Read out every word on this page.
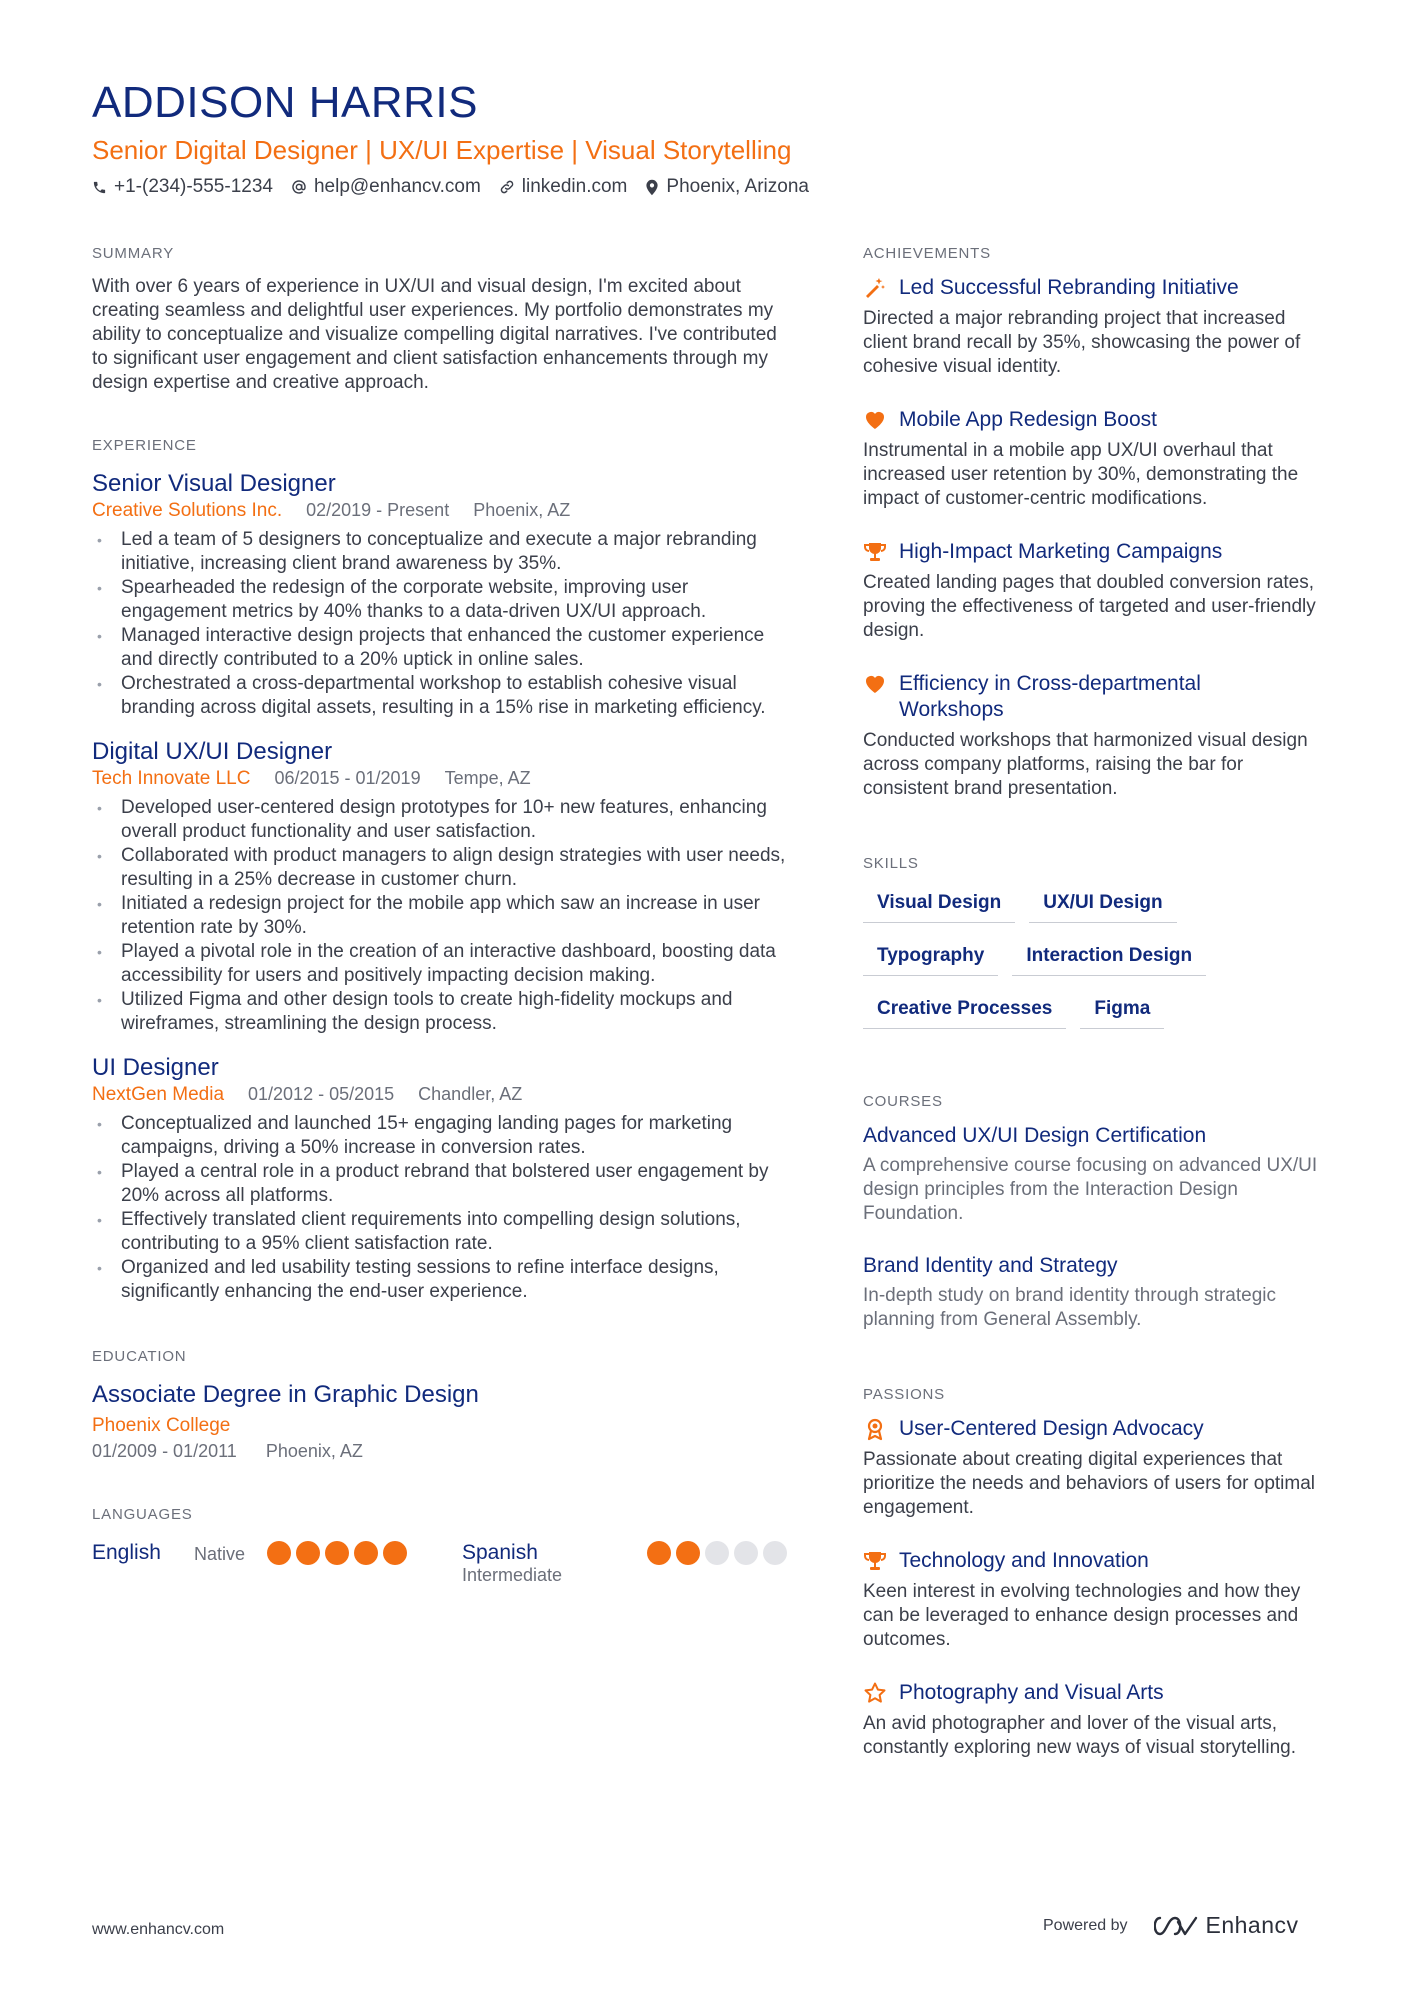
ADDISON HARRIS
Senior Digital Designer | UX/UI Expertise | Visual Storytelling
+1-(234)-555-1234 help@enhancv.com linkedin.com Phoenix, Arizona
SUMMARY
With over 6 years of experience in UX/UI and visual design, I'm excited about creating seamless and delightful user experiences. My portfolio demonstrates my ability to conceptualize and visualize compelling digital narratives. I've contributed to significant user engagement and client satisfaction enhancements through my design expertise and creative approach.
EXPERIENCE
Senior Visual Designer
Creative Solutions Inc. 02/2019 - Present Phoenix, AZ
• Led a team of 5 designers to conceptualize and execute a major rebranding initiative, increasing client brand awareness by 35%.
• Spearheaded the redesign of the corporate website, improving user engagement metrics by 40% thanks to a data-driven UX/UI approach.
• Managed interactive design projects that enhanced the customer experience and directly contributed to a 20% uptick in online sales.
• Orchestrated a cross-departmental workshop to establish cohesive visual branding across digital assets, resulting in a 15% rise in marketing efficiency.
Digital UX/UI Designer
Tech Innovate LLC 06/2015 - 01/2019 Tempe, AZ
• Developed user-centered design prototypes for 10+ new features, enhancing overall product functionality and user satisfaction.
• Collaborated with product managers to align design strategies with user needs, resulting in a 25% decrease in customer churn.
• Initiated a redesign project for the mobile app which saw an increase in user retention rate by 30%.
• Played a pivotal role in the creation of an interactive dashboard, boosting data accessibility for users and positively impacting decision making.
• Utilized Figma and other design tools to create high-fidelity mockups and wireframes, streamlining the design process.
UI Designer
NextGen Media 01/2012 - 05/2015 Chandler, AZ
• Conceptualized and launched 15+ engaging landing pages for marketing campaigns, driving a 50% increase in conversion rates.
• Played a central role in a product rebrand that bolstered user engagement by 20% across all platforms.
• Effectively translated client requirements into compelling design solutions, contributing to a 95% client satisfaction rate.
• Organized and led usability testing sessions to refine interface designs, significantly enhancing the end-user experience.
EDUCATION
Associate Degree in Graphic Design
Phoenix College
01/2009 - 01/2011 Phoenix, AZ
LANGUAGES
English	Native	Spanish
Intermediate
ACHIEVEMENTS
Led Successful Rebranding Initiative
Directed a major rebranding project that increased client brand recall by 35%, showcasing the power of cohesive visual identity.
Mobile App Redesign Boost
Instrumental in a mobile app UX/UI overhaul that increased user retention by 30%, demonstrating the impact of customer-centric modifications.
High-Impact Marketing Campaigns
Created landing pages that doubled conversion rates, proving the effectiveness of targeted and user-friendly design.
Efficiency in Cross-departmental Workshops
Conducted workshops that harmonized visual design across company platforms, raising the bar for consistent brand presentation.
SKILLS
Visual Design	UX/UI Design
Typography	Interaction Design
Creative Processes	Figma
COURSES
Advanced UX/UI Design Certification
A comprehensive course focusing on advanced UX/UI design principles from the Interaction Design Foundation.
Brand Identity and Strategy
In-depth study on brand identity through strategic planning from General Assembly.
PASSIONS
User-Centered Design Advocacy
Passionate about creating digital experiences that prioritize the needs and behaviors of users for optimal engagement.
Technology and Innovation
Keen interest in evolving technologies and how they can be leveraged to enhance design processes and outcomes.
Photography and Visual Arts
An avid photographer and lover of the visual arts, constantly exploring new ways of visual storytelling.
www.enhancv.com	Powered by	Enhancv
